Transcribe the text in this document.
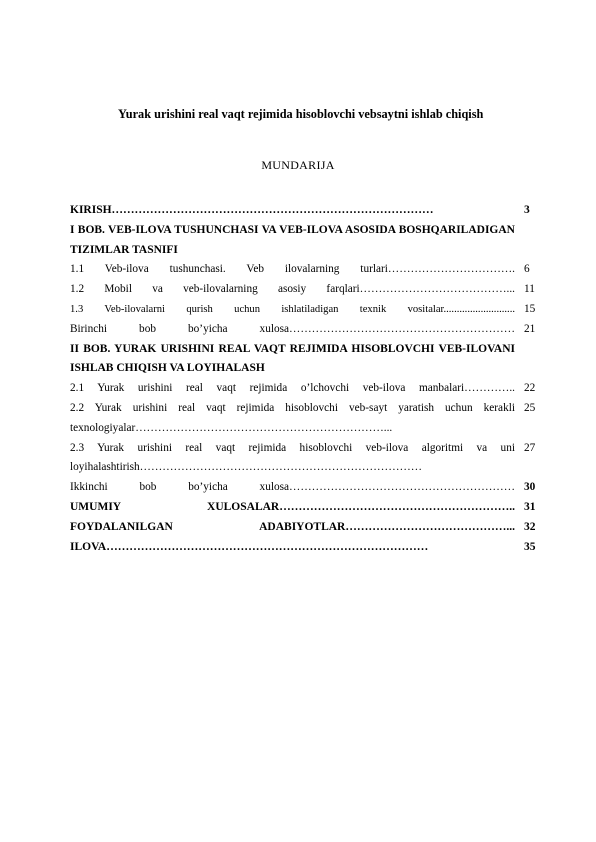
Yurak urishini real vaqt rejimida hisoblovchi vebsaytni ishlab chiqish
MUNDARIJA
KIRISH…………………………………………………………………………	3
I BOB. VEB-ILOVA TUSHUNCHASI VA VEB-ILOVA ASOSIDA BOSHQARILADIGAN TIZIMLAR TASNIFI
1.1 Veb-ilova tushunchasi. Veb ilovalarning turlari……………………………. 6
1.2 Mobil va veb-ilovalarning asosiy farqlari…………………………………... 11
1.3 Veb-ilovalarni qurish uchun ishlatiladigan texnik vositalar........................... 15
Birinchi bob bo’yicha xulosa…………………………………………………… 21
II BOB. YURAK URISHINI REAL VAQT REJIMIDA HISOBLOVCHI VEB-ILOVANI ISHLAB CHIQISH VA LOYIHALASH
2.1 Yurak urishini real vaqt rejimida o’lchovchi veb-ilova manbalari………….. 22
2.2 Yurak urishini real vaqt rejimida hisoblovchi veb-sayt yaratish uchun kerakli texnologiyalar…………………………………………………………...
25
2.3 Yurak urishini real vaqt rejimida hisoblovchi veb-ilova algoritmi va uni loyihalashtirish…………………………………………………………………
27
Ikkinchi bob bo’yicha xulosa…………………………………………………… 30
UMUMIY XULOSALAR…………………………………………………….. 31
FOYDALANILGAN ADABIYOTLAR……………………………………... 32
ILOVA…………………………………………………………………………	35
